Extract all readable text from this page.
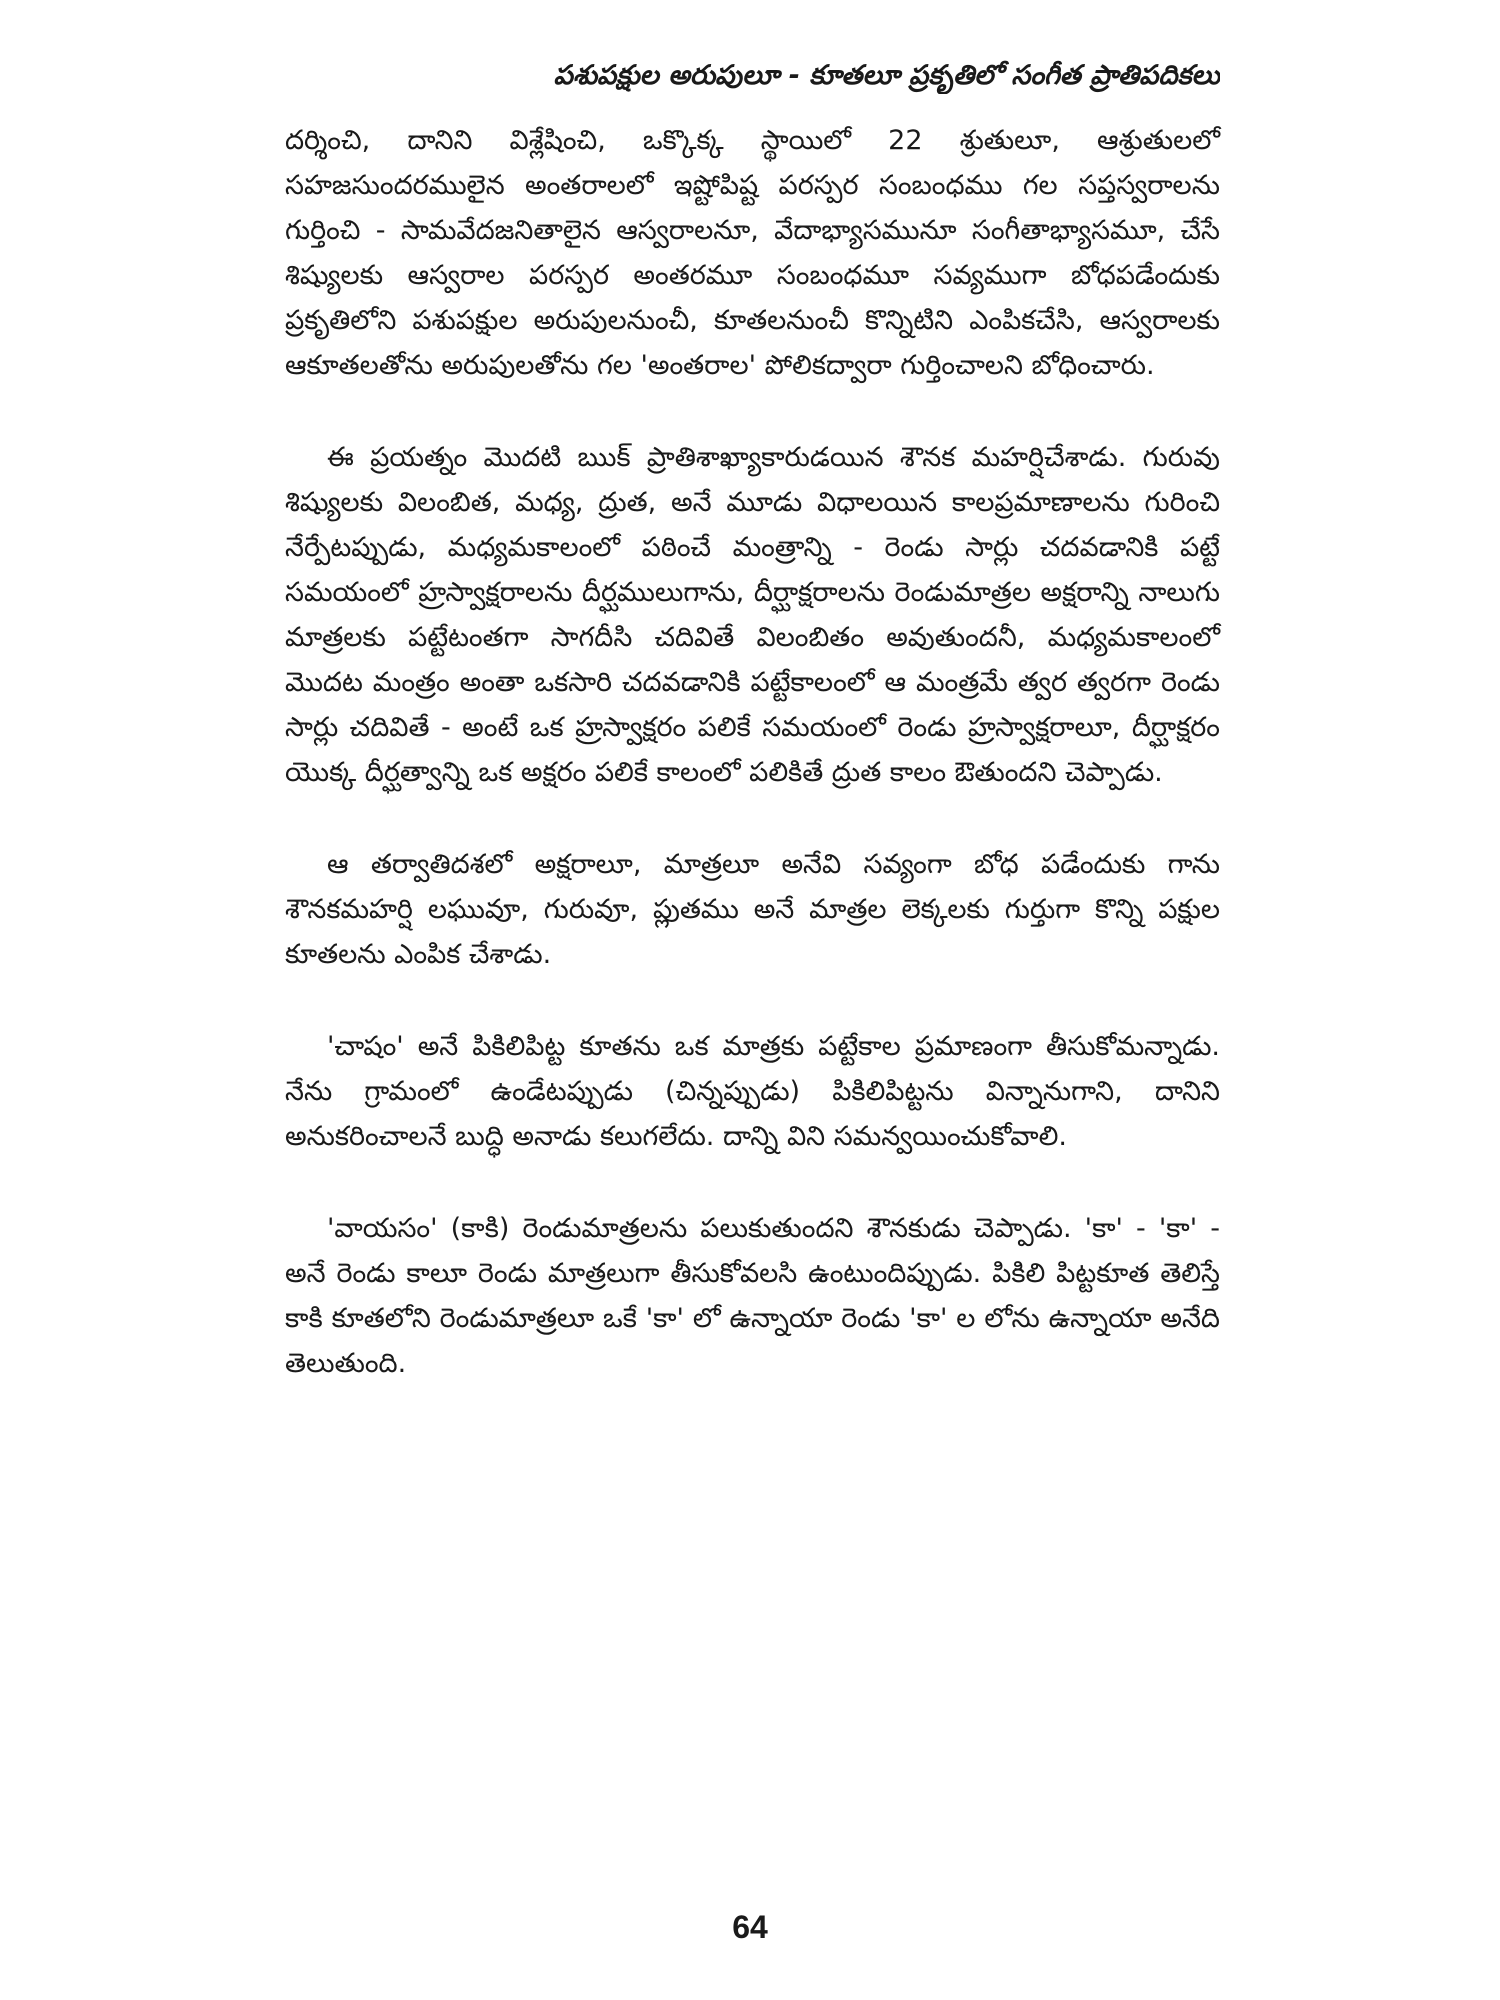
పశుపక్షుల అరుపులూ - కూతలూ ప్రకృతిలో సంగీత ప్రాతిపదికలు

దర్శించి, దానిని విశ్లేషించి, ఒక్కొక్క స్థాయిలో 22 శ్రుతులూ, ఆశ్రుతులలో సహజసుందరములైన అంతరాలలో ఇష్టోపిష్ట పరస్పర సంబంధము గల సప్తస్వరాలను గుర్తించి - సామవేదజనితాలైన ఆస్వరాలనూ, వేదాభ్యాసమునూ సంగీతాభ్యాసమూ, చేసే శిష్యులకు ఆస్వరాల పరస్పర అంతరమూ సంబంధమూ సవ్యముగా బోధపడేందుకు ప్రకృతిలోని పశుపక్షుల అరుపులనుంచీ, కూతలనుంచీ కొన్నిటిని ఎంపికచేసి, ఆస్వరాలకు ఆకూతలతోను అరుపులతోను గల 'అంతరాల' పోలికద్వారా గుర్తించాలని బోధించారు.

ఈ ప్రయత్నం మొదటి ఋక్ ప్రాతిశాఖ్యాకారుడయిన శౌనక మహర్షిచేశాడు. గురువు శిష్యులకు విలంబిత, మధ్య, ద్రుత, అనే మూడు విధాలయిన కాలప్రమాణాలను గురించి నేర్పేటప్పుడు, మధ్యమకాలంలో పఠించే మంత్రాన్ని - రెండు సార్లు చదవడానికి పట్టే సమయంలో హ్రస్వాక్షరాలను దీర్ఘములుగాను, దీర్ఘాక్షరాలను రెండుమాత్రల అక్షరాన్ని నాలుగు మాత్రలకు పట్టేటంతగా సాగదీసి చదివితే విలంబితం అవుతుందనీ, మధ్యమకాలంలో మొదట మంత్రం అంతా ఒకసారి చదవడానికి పట్టేకాలంలో ఆ మంత్రమే త్వర త్వరగా రెండు సార్లు చదివితే - అంటే ఒక హ్రస్వాక్షరం పలికే సమయంలో రెండు హ్రస్వాక్షరాలూ, దీర్ఘాక్షరం యొక్క దీర్ఘత్వాన్ని ఒక అక్షరం పలికే కాలంలో పలికితే ద్రుత కాలం ఔతుందని చెప్పాడు.

ఆ తర్వాతిదశలో అక్షరాలూ, మాత్రలూ అనేవి సవ్యంగా బోధ పడేందుకు గాను శౌనకమహర్షి లఘువూ, గురువూ, ప్లుతము అనే మాత్రల లెక్కలకు గుర్తుగా కొన్ని పక్షుల కూతలను ఎంపిక చేశాడు.

'చాషం' అనే పికిలిపిట్ట కూతను ఒక మాత్రకు పట్టేకాల ప్రమాణంగా తీసుకోమన్నాడు. నేను గ్రామంలో ఉండేటప్పుడు (చిన్నప్పుడు) పికిలిపిట్టను విన్నానుగాని, దానిని అనుకరించాలనే బుద్ధి అనాడు కలుగలేదు. దాన్ని విని సమన్వయించుకోవాలి.

'వాయసం' (కాకి) రెండుమాత్రలను పలుకుతుందని శౌనకుడు చెప్పాడు. 'కా' - 'కా' - అనే రెండు కాలూ రెండు మాత్రలుగా తీసుకోవలసి ఉంటుందిప్పుడు. పికిలి పిట్టకూత తెలిస్తే కాకి కూతలోని రెండుమాత్రలూ ఒకే 'కా' లో ఉన్నాయా రెండు 'కా' ల లోను ఉన్నాయా అనేది తెలుతుంది.

64
